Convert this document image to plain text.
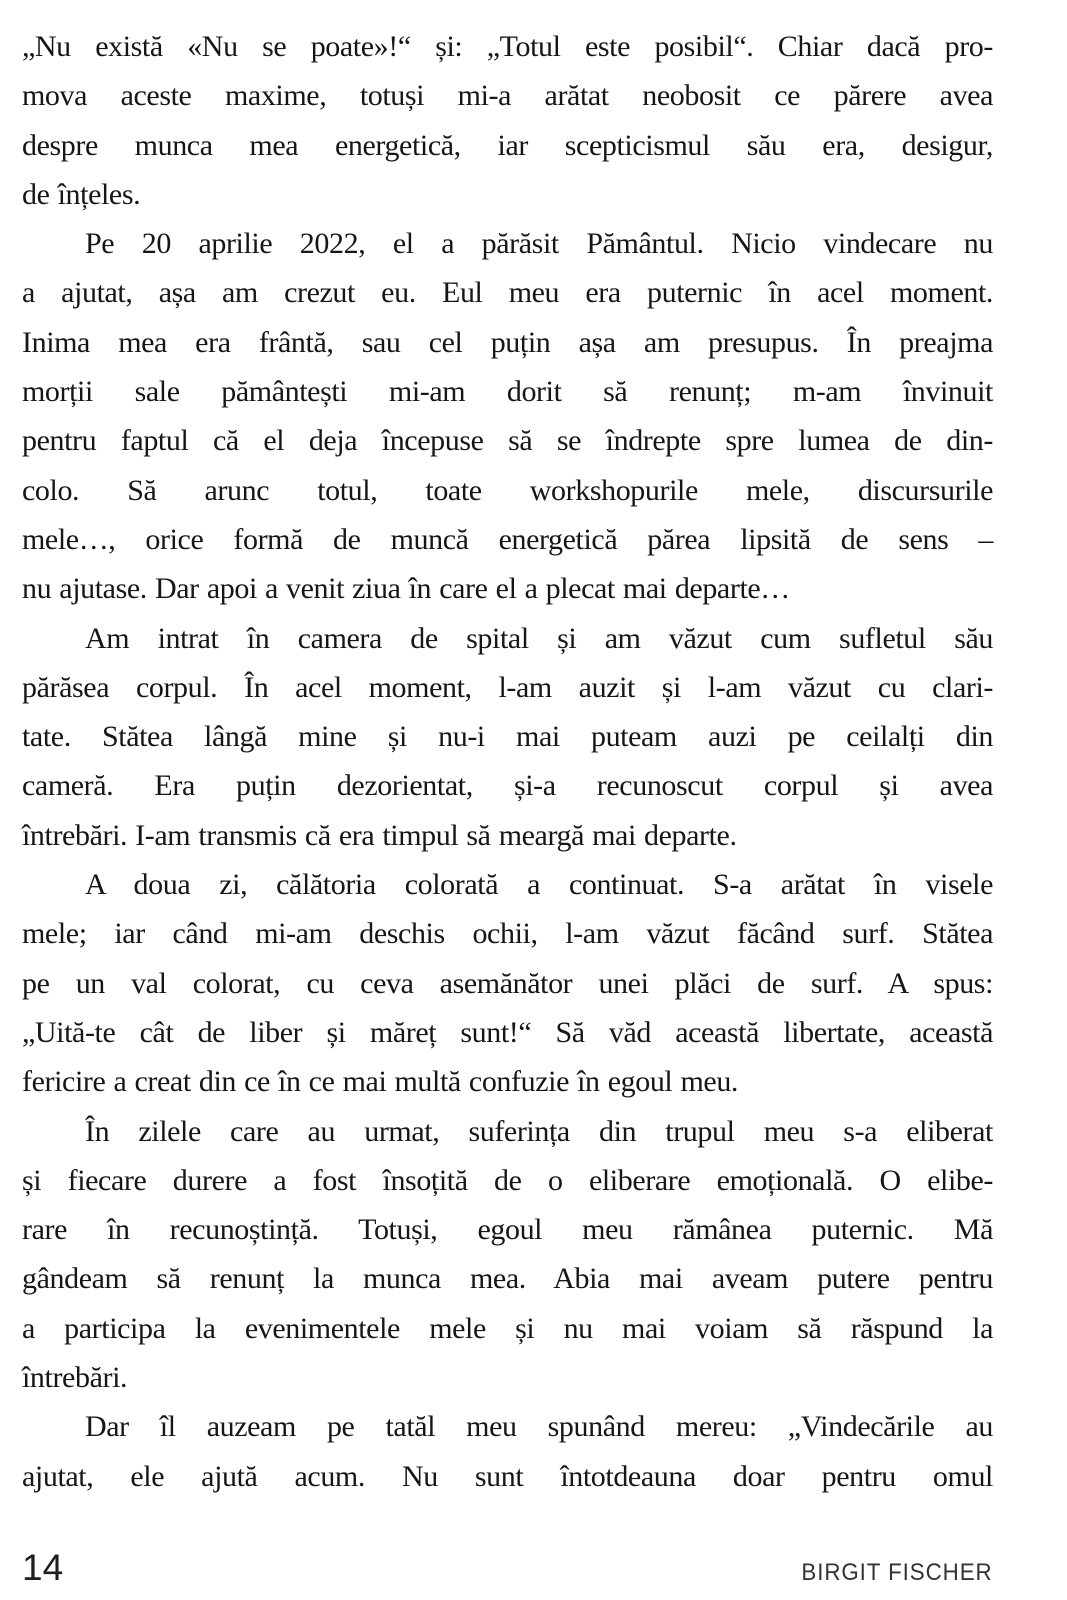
„Nu există «Nu se poate»!“ și: „Totul este posibil“. Chiar dacă pro-
mova aceste maxime, totuși mi-a arătat neobosit ce părere avea
despre munca mea energetică, iar scepticismul său era, desigur,
de înțeles.
Pe 20 aprilie 2022, el a părăsit Pământul. Nicio vindecare nu
a ajutat, așa am crezut eu. Eul meu era puternic în acel moment.
Inima mea era frântă, sau cel puțin așa am presupus. În preajma
morții sale pământești mi-am dorit să renunț; m-am învinuit
pentru faptul că el deja începuse să se îndrepte spre lumea de din-
colo. Să arunc totul, toate workshopurile mele, discursurile
mele…, orice formă de muncă energetică părea lipsită de sens –
nu ajutase. Dar apoi a venit ziua în care el a plecat mai departe…
Am intrat în camera de spital și am văzut cum sufletul său
părăsea corpul. În acel moment, l-am auzit și l-am văzut cu clari-
tate. Stătea lângă mine și nu-i mai puteam auzi pe ceilalți din
cameră. Era puțin dezorientat, și-a recunoscut corpul și avea
întrebări. I-am transmis că era timpul să meargă mai departe.
A doua zi, călătoria colorată a continuat. S-a arătat în visele
mele; iar când mi-am deschis ochii, l-am văzut făcând surf. Stătea
pe un val colorat, cu ceva asemănător unei plăci de surf. A spus:
„Uită-te cât de liber și măreț sunt!“ Să văd această libertate, această
fericire a creat din ce în ce mai multă confuzie în egoul meu.
În zilele care au urmat, suferința din trupul meu s-a eliberat
și fiecare durere a fost însoțită de o eliberare emoțională. O elibe-
rare în recunoștință. Totuși, egoul meu rămânea puternic. Mă
gândeam să renunț la munca mea. Abia mai aveam putere pentru
a participa la evenimentele mele și nu mai voiam să răspund la
întrebări.
Dar îl auzeam pe tatăl meu spunând mereu: „Vindecările au
ajutat, ele ajută acum. Nu sunt întotdeauna doar pentru omul
14	BIRGIT FISCHER
